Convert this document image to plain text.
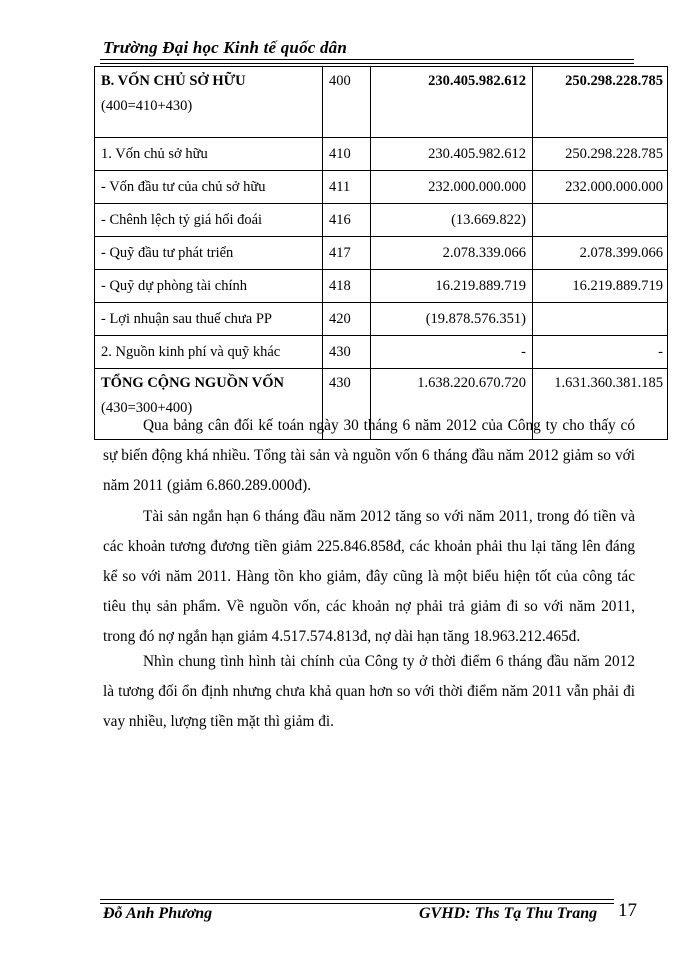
Trường Đại học Kinh tế quốc dân
B. VỐN CHỦ SỞ HỮU
(400=410+430)	400	230.405.982.612	250.298.228.785
1. Vốn chủ sở hữu	410	230.405.982.612	250.298.228.785
- Vốn đầu tư của chủ sở hữu	411	232.000.000.000	232.000.000.000
- Chênh lệch tỷ giá hối đoái	416	(13.669.822)	
- Quỹ đầu tư phát triển	417	2.078.339.066	2.078.399.066
- Quỹ dự phòng tài chính	418	16.219.889.719	16.219.889.719
- Lợi nhuận sau thuế chưa PP	420	(19.878.576.351)	
2. Nguồn kinh phí và quỹ khác	430	-	-
TỔNG CỘNG NGUỒN VỐN
(430=300+400)	430	1.638.220.670.720	1.631.360.381.185

Qua bảng cân đối kế toán ngày 30 tháng 6 năm 2012 của Công ty cho thấy có sự biến động khá nhiều. Tổng tài sản và nguồn vốn 6 tháng đầu năm 2012 giảm so với năm 2011 (giảm 6.860.289.000đ).

Tài sản ngắn hạn 6 tháng đầu năm 2012 tăng so với năm 2011, trong đó tiền và các khoản tương đương tiền giảm 225.846.858đ, các khoản phải thu lại tăng lên đáng kể so với năm 2011. Hàng tồn kho giảm, đây cũng là một biểu hiện tốt của công tác tiêu thụ sản phẩm. Về nguồn vốn, các khoản nợ phải trả giảm đi so với năm 2011, trong đó nợ ngắn hạn giảm 4.517.574.813đ, nợ dài hạn tăng 18.963.212.465đ.

Nhìn chung tình hình tài chính của Công ty ở thời điểm 6 tháng đầu năm 2012 là tương đối ổn định nhưng chưa khả quan hơn so với thời điểm năm 2011 vẫn phải đi vay nhiều, lượng tiền mặt thì giảm đi.

Đỗ Anh Phương	GVHD: Ths Tạ Thu Trang 17
